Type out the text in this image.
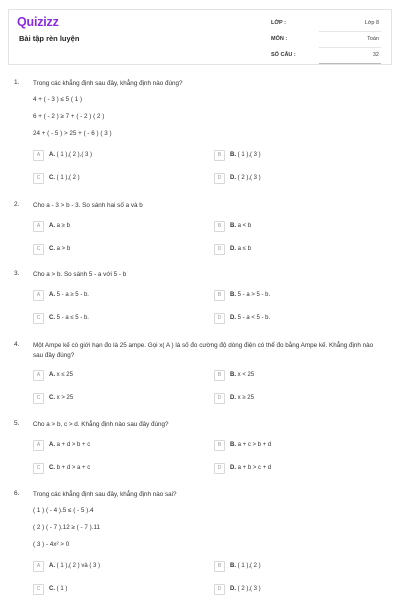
Quizizz
Bài tập rèn luyện
LỚP :	Lớp 8
MÔN :	Toán
SỐ CÂU :	32
1. Trong các khẳng định sau đây, khẳng định nào đúng?
4 + ( - 3 ) ≤ 5 ( 1 )
6 + ( - 2 ) ≥ 7 + ( - 2 ) ( 2 )
24 + ( - 5 ) > 25 + ( - 6 ) ( 3 )
A	A. ( 1 ),( 2 ),( 3 )	B	B. ( 1 ),( 3 )
C	C. ( 1 ),( 2 )	D	D. ( 2 ),( 3 )
2. Cho a - 3 > b - 3. So sánh hai số a và b
A	A. a ≥ b	B	B. a < b
C	C. a > b	D	D. a ≤ b
3. Cho a > b. So sánh 5 - a với 5 - b
A	A. 5 - a ≥ 5 - b.	B	B. 5 - a > 5 - b.
C	C. 5 - a ≤ 5 - b.	D	D. 5 - a < 5 - b.
4. Một Ampe kế có giới hạn đo là 25 ampe. Gọi x( A ) là số đo cường độ dòng điện có thể đo bằng Ampe kế. Khẳng định nào sau đây đúng?
A	A. x ≤ 25	B	B. x < 25
C	C. x > 25	D	D. x ≥ 25
5. Cho a > b, c > d. Khẳng định nào sau đây đúng?
A	A. a + d > b + c	B	B. a + c > b + d
C	C. b + d > a + c	D	D. a + b > c + d
6. Trong các khẳng định sau đây, khẳng định nào sai?
( 1 ) ( - 4 ).5 ≤ ( - 5 ).4
( 2 ) ( - 7 ).12 ≥ ( - 7 ).11
( 3 ) - 4x² > 0
A	A. ( 1 ),( 2 ) và ( 3 )	B	B. ( 1 ),( 2 )
C	C. ( 1 )	D	D. ( 2 ),( 3 )
